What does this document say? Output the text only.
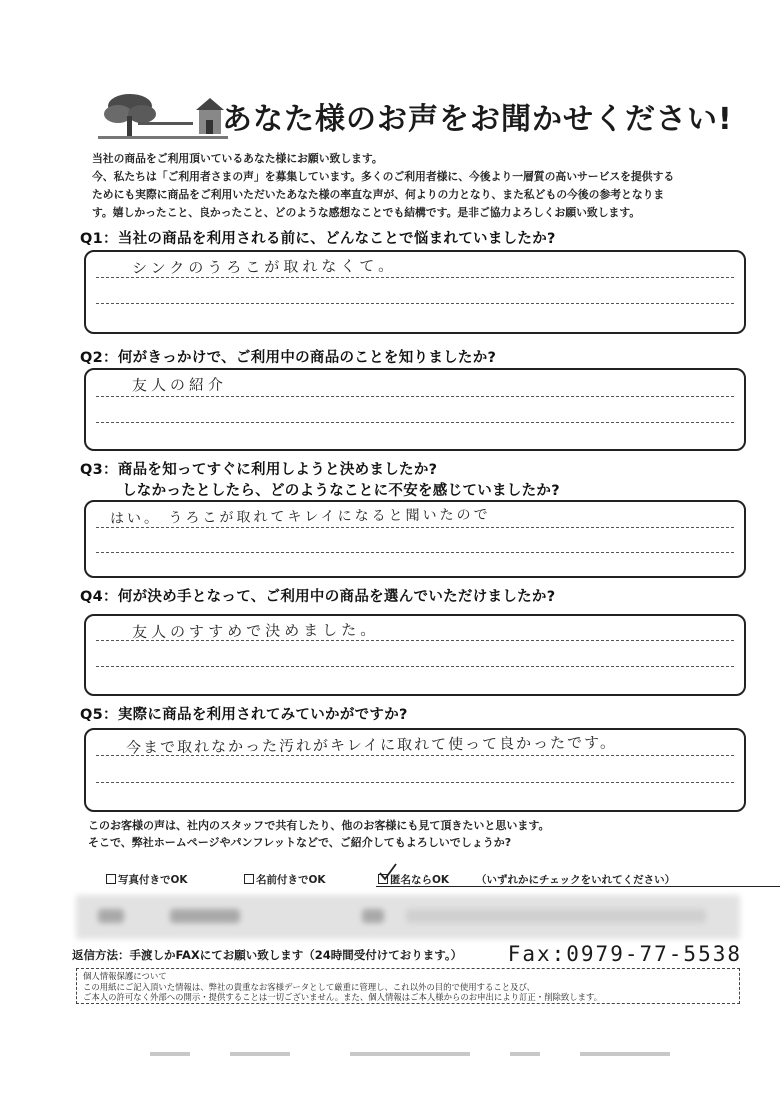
あなた様のお声をお聞かせください!

当社の商品をご利用頂いているあなた様にお願い致します。

今、私たちは「ご利用者さまの声」を募集しています。多くのご利用者様に、今後より一層質の高いサービスを提供する

ためにも実際に商品をご利用いただいたあなた様の率直な声が、何よりの力となり、また私どもの今後の参考となりま

す。嬉しかったこと、良かったこと、どのような感想なことでも結構です。是非ご協力よろしくお願い致します。

Q1：当社の商品を利用される前に、どんなことで悩まれていましたか?
シンクのうろこが取れなくて。
Q2：何がきっかけで、ご利用中の商品のことを知りましたか?
友人の紹介
Q3：商品を知ってすぐに利用しようと決めましたか?
しなかったとしたら、どのようなことに不安を感じていましたか?
はい。 うろこが取れてキレイになると聞いたので
Q4：何が決め手となって、ご利用中の商品を選んでいただけましたか?
友人のすすめで決めました。
Q5：実際に商品を利用されてみていかがですか?
今まで取れなかった汚れがキレイに取れて使って良かったです。

このお客様の声は、社内のスタッフで共有したり、他のお客様にも見て頂きたいと思います。

そこで、弊社ホームページやパンフレットなどで、ご紹介してもよろしいでしょうか?

写真付きでOK	名前付きでOK	匿名ならOK	（いずれかにチェックをいれてください）
返信方法：手渡しかFAXにてお願い致します（24時間受付けております。） Fax:0979-77-5538

個人情報保護について

この用紙にご記入頂いた情報は、弊社の貴重なお客様データとして厳重に管理し、これ以外の目的で使用すること及び、

ご本人の許可なく外部への開示・提供することは一切ございません。また、個人情報はご本人様からのお申出により訂正・削除致します。
